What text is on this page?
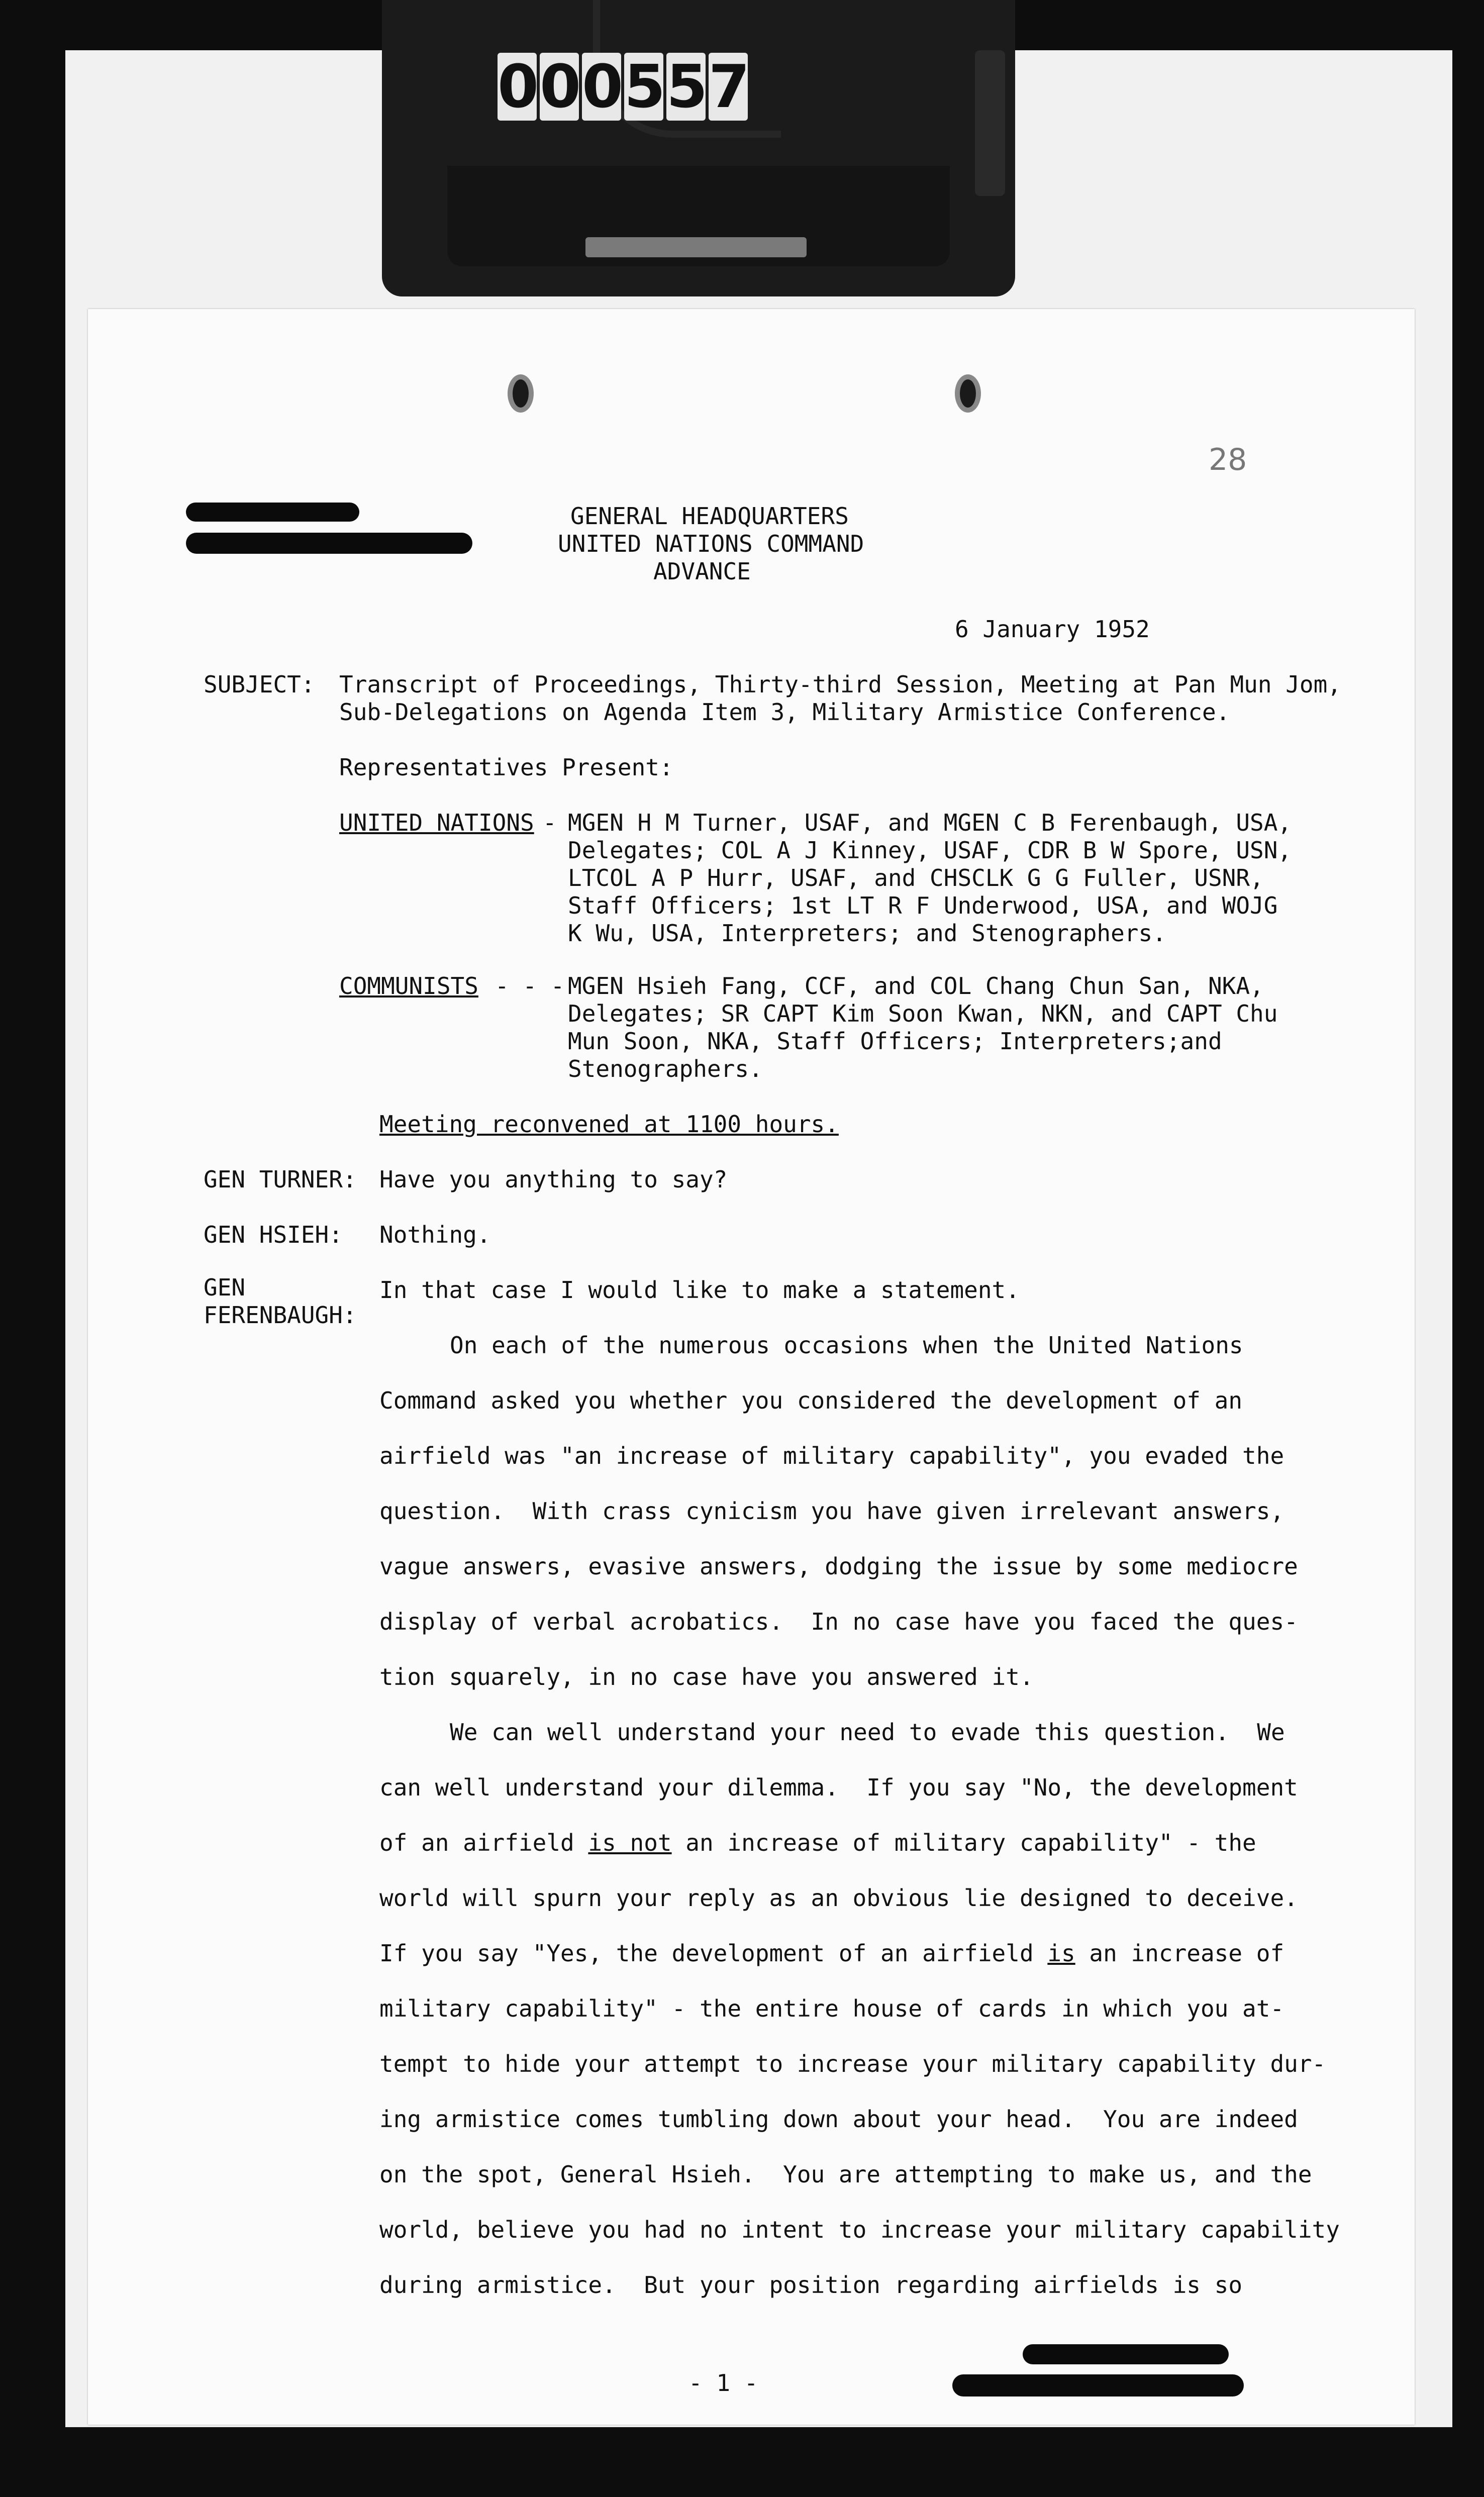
0 0 0 5 5 7
28
GENERAL HEADQUARTERS
UNITED NATIONS COMMAND
ADVANCE
6 January 1952
SUBJECT: Transcript of Proceedings, Thirty-third Session, Meeting at Pan Mun Jom,
Sub-Delegations on Agenda Item 3, Military Armistice Conference.
Representatives Present:
UNITED NATIONS - MGEN H M Turner, USAF, and MGEN C B Ferenbaugh, USA,
Delegates; COL A J Kinney, USAF, CDR B W Spore, USN,
LTCOL A P Hurr, USAF, and CHSCLK G G Fuller, USNR,
Staff Officers; 1st LT R F Underwood, USA, and WOJG
K Wu, USA, Interpreters; and Stenographers.
COMMUNISTS - - - MGEN Hsieh Fang, CCF, and COL Chang Chun San, NKA,
Delegates; SR CAPT Kim Soon Kwan, NKN, and CAPT Chu
Mun Soon, NKA, Staff Officers; Interpreters;and
Stenographers.
Meeting reconvened at 1100 hours.
GEN TURNER: Have you anything to say?
GEN HSIEH: Nothing.
GEN
FERENBAUGH:
In that case I would like to make a statement.
On each of the numerous occasions when the United Nations
Command asked you whether you considered the development of an
airfield was "an increase of military capability", you evaded the
question.  With crass cynicism you have given irrelevant answers,
vague answers, evasive answers, dodging the issue by some mediocre
display of verbal acrobatics.  In no case have you faced the ques-
tion squarely, in no case have you answered it.
We can well understand your need to evade this question.  We
can well understand your dilemma.  If you say "No, the development
of an airfield is not an increase of military capability" - the
world will spurn your reply as an obvious lie designed to deceive.
If you say "Yes, the development of an airfield is an increase of
military capability" - the entire house of cards in which you at-
tempt to hide your attempt to increase your military capability dur-
ing armistice comes tumbling down about your head.  You are indeed
on the spot, General Hsieh.  You are attempting to make us, and the
world, believe you had no intent to increase your military capability
during armistice.  But your position regarding airfields is so
- 1 -
